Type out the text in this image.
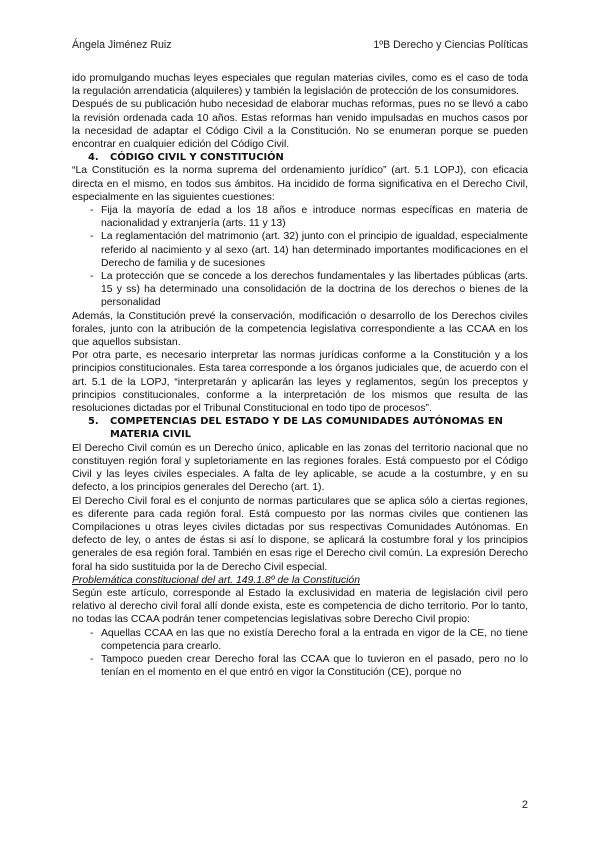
Ángela Jiménez Ruiz	1ºB Derecho y Ciencias Políticas

ido promulgando muchas leyes especiales que regulan materias civiles, como es el caso de toda la regulación arrendaticia (alquileres) y también la legislación de protección de los consumidores.

Después de su publicación hubo necesidad de elaborar muchas reformas, pues no se llevó a cabo la revisión ordenada cada 10 años. Estas reformas han venido impulsadas en muchos casos por la necesidad de adaptar el Código Civil a la Constitución. No se enumeran porque se pueden encontrar en cualquier edición del Código Civil.

4.	CÓDIGO CIVIL Y CONSTITUCIÓN

“La Constitución es la norma suprema del ordenamiento jurídico” (art. 5.1 LOPJ), con eficacia directa en el mismo, en todos sus ámbitos. Ha incidido de forma significativa en el Derecho Civil, especialmente en las siguientes cuestiones:

- Fija la mayoría de edad a los 18 años e introduce normas específicas en materia de nacionalidad y extranjería (arts. 11 y 13)
- La reglamentación del matrimonio (art. 32) junto con el principio de igualdad, especialmente referido al nacimiento y al sexo (art. 14) han determinado importantes modificaciones en el Derecho de familia y de sucesiones
- La protección que se concede a los derechos fundamentales y las libertades públicas (arts. 15 y ss) ha determinado una consolidación de la doctrina de los derechos o bienes de la personalidad

Además, la Constitución prevé la conservación, modificación o desarrollo de los Derechos civiles forales, junto con la atribución de la competencia legislativa correspondiente a las CCAA en los que aquellos subsistan.

Por otra parte, es necesario interpretar las normas jurídicas conforme a la Constitución y a los principios constitucionales. Esta tarea corresponde a los órganos judiciales que, de acuerdo con el art. 5.1 de la LOPJ, “interpretarán y aplicarán las leyes y reglamentos, según los preceptos y principios constitucionales, conforme a la interpretación de los mismos que resulta de las resoluciones dictadas por el Tribunal Constitucional en todo tipo de procesos”.

5.	COMPETENCIAS DEL ESTADO Y DE LAS COMUNIDADES AUTÓNOMAS EN MATERIA CIVIL

El Derecho Civil común es un Derecho único, aplicable en las zonas del territorio nacional que no constituyen región foral y supletoriamente en las regiones forales. Está compuesto por el Código Civil y las leyes civiles especiales. A falta de ley aplicable, se acude a la costumbre, y en su defecto, a los principios generales del Derecho (art. 1).

El Derecho Civil foral es el conjunto de normas particulares que se aplica sólo a ciertas regiones, es diferente para cada región foral. Está compuesto por las normas civiles que contienen las Compilaciones u otras leyes civiles dictadas por sus respectivas Comunidades Autónomas. En defecto de ley, o antes de éstas si así lo dispone, se aplicará la costumbre foral y los principios generales de esa región foral. También en esas rige el Derecho civil común. La expresión Derecho foral ha sido sustituida por la de Derecho Civil especial.

Problemática constitucional del art. 149.1.8º de la Constitución

Según este artículo, corresponde al Estado la exclusividad en materia de legislación civil pero relativo al derecho civil foral allí donde exista, este es competencia de dicho territorio. Por lo tanto, no todas las CCAA podrán tener competencias legislativas sobre Derecho Civil propio:

- Aquellas CCAA en las que no existía Derecho foral a la entrada en vigor de la CE, no tiene competencia para crearlo.
- Tampoco pueden crear Derecho foral las CCAA que lo tuvieron en el pasado, pero no lo tenían en el momento en el que entró en vigor la Constitución (CE), porque no
2
